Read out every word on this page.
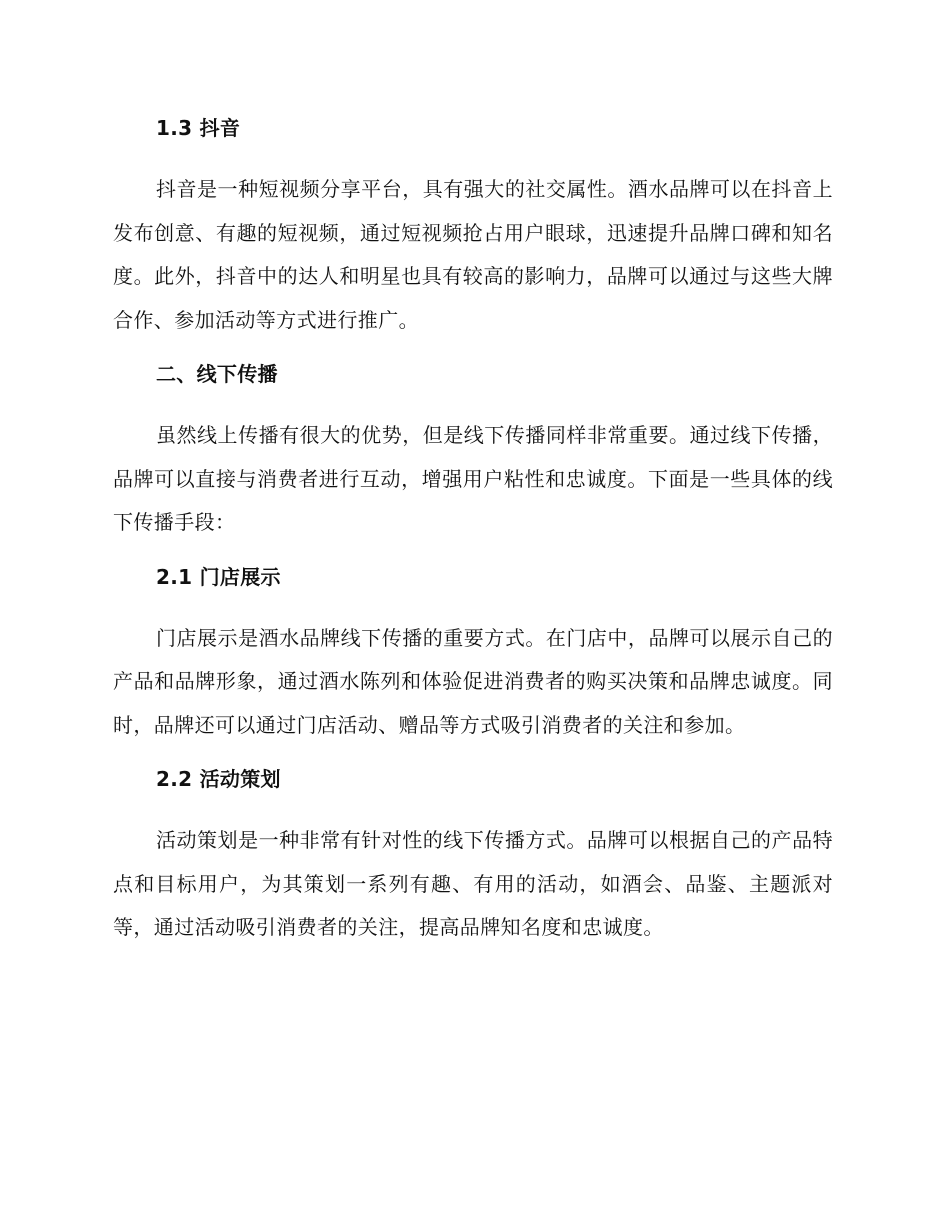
1.3 抖音

抖音是一种短视频分享平台，具有强大的社交属性。酒水品牌可以在抖音上发布创意、有趣的短视频，通过短视频抢占用户眼球，迅速提升品牌口碑和知名度。此外，抖音中的达人和明星也具有较高的影响力，品牌可以通过与这些大牌合作、参加活动等方式进行推广。

二、线下传播

虽然线上传播有很大的优势，但是线下传播同样非常重要。通过线下传播，品牌可以直接与消费者进行互动，增强用户粘性和忠诚度。下面是一些具体的线下传播手段：

2.1 门店展示

门店展示是酒水品牌线下传播的重要方式。在门店中，品牌可以展示自己的产品和品牌形象，通过酒水陈列和体验促进消费者的购买决策和品牌忠诚度。同时，品牌还可以通过门店活动、赠品等方式吸引消费者的关注和参加。

2.2 活动策划

活动策划是一种非常有针对性的线下传播方式。品牌可以根据自己的产品特点和目标用户，为其策划一系列有趣、有用的活动，如酒会、品鉴、主题派对等，通过活动吸引消费者的关注，提高品牌知名度和忠诚度。
